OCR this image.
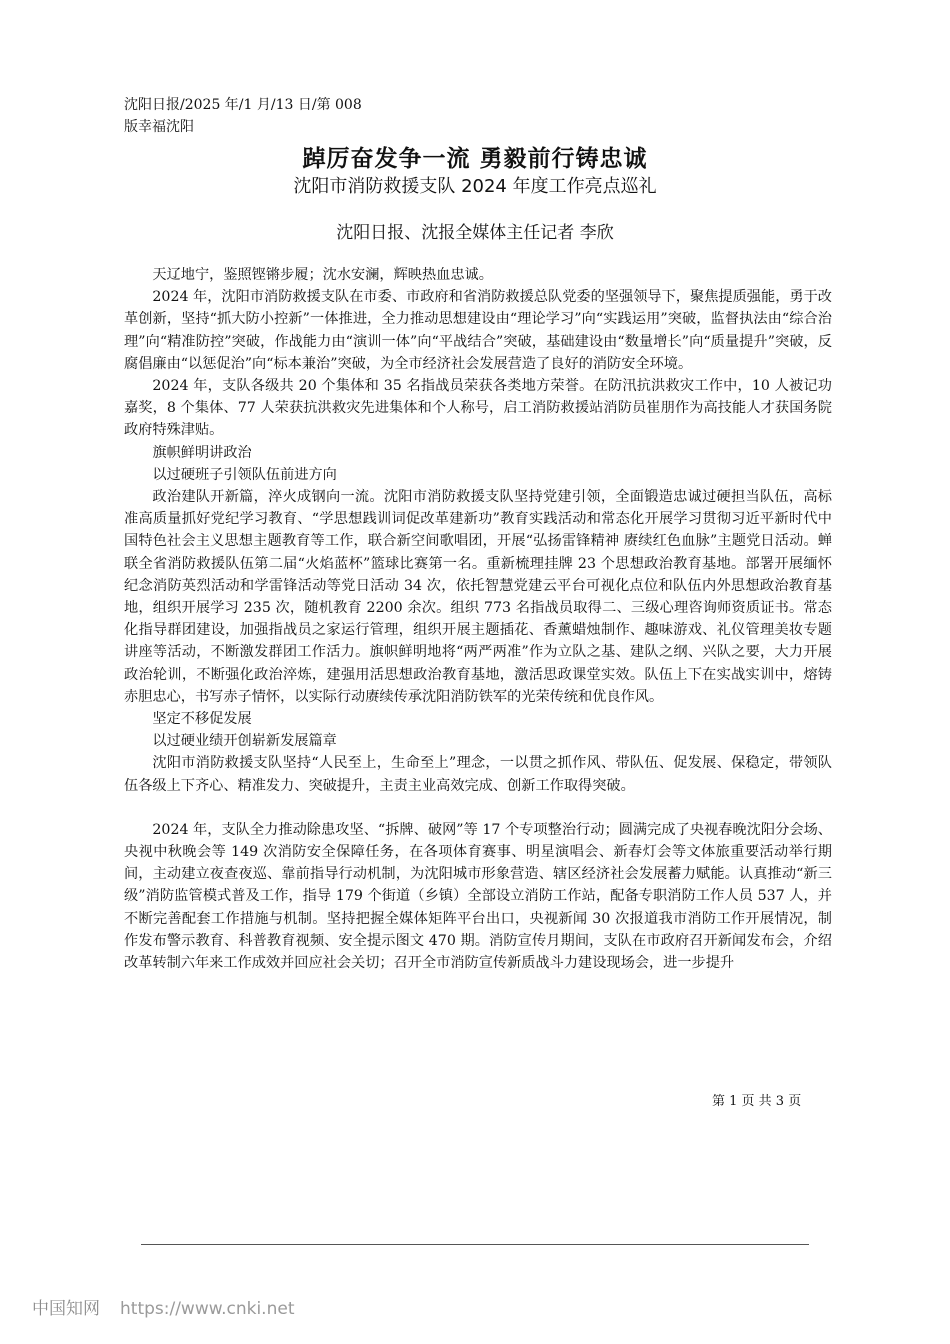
沈阳日报/2025 年/1 月/13 日/第 008
版幸福沈阳
踔厉奋发争一流 勇毅前行铸忠诚
沈阳市消防救援支队 2024 年度工作亮点巡礼
沈阳日报、沈报全媒体主任记者 李欣

天辽地宁，鉴照铿锵步履；沈水安澜，辉映热血忠诚。

2024 年，沈阳市消防救援支队在市委、市政府和省消防救援总队党委的坚强领导下，聚焦提质强能，勇于改革创新，坚持“抓大防小控新”一体推进，全力推动思想建设由“理论学习”向“实践运用”突破，监督执法由“综合治理”向“精准防控”突破，作战能力由“演训一体”向“平战结合”突破，基础建设由“数量增长”向“质量提升”突破，反腐倡廉由“以惩促治”向“标本兼治”突破，为全市经济社会发展营造了良好的消防安全环境。

2024 年，支队各级共 20 个集体和 35 名指战员荣获各类地方荣誉。在防汛抗洪救灾工作中，10 人被记功嘉奖，8 个集体、77 人荣获抗洪救灾先进集体和个人称号，启工消防救援站消防员崔朋作为高技能人才获国务院政府特殊津贴。

旗帜鲜明讲政治

以过硬班子引领队伍前进方向

政治建队开新篇，淬火成钢向一流。沈阳市消防救援支队坚持党建引领，全面锻造忠诚过硬担当队伍，高标准高质量抓好党纪学习教育、“学思想践训词促改革建新功”教育实践活动和常态化开展学习贯彻习近平新时代中国特色社会主义思想主题教育等工作，联合新空间歌唱团，开展“弘扬雷锋精神 赓续红色血脉”主题党日活动。蝉联全省消防救援队伍第二届“火焰蓝杯”篮球比赛第一名。重新梳理挂牌 23 个思想政治教育基地。部署开展缅怀纪念消防英烈活动和学雷锋活动等党日活动 34 次，依托智慧党建云平台可视化点位和队伍内外思想政治教育基地，组织开展学习 235 次，随机教育 2200 余次。组织 773 名指战员取得二、三级心理咨询师资质证书。常态化指导群团建设，加强指战员之家运行管理，组织开展主题插花、香薰蜡烛制作、趣味游戏、礼仪管理美妆专题讲座等活动，不断激发群团工作活力。旗帜鲜明地将“两严两准”作为立队之基、建队之纲、兴队之要，大力开展政治轮训，不断强化政治淬炼，建强用活思想政治教育基地，激活思政课堂实效。队伍上下在实战实训中，熔铸赤胆忠心，书写赤子情怀，以实际行动赓续传承沈阳消防铁军的光荣传统和优良作风。

坚定不移促发展

以过硬业绩开创崭新发展篇章

沈阳市消防救援支队坚持“人民至上，生命至上”理念，一以贯之抓作风、带队伍、促发展、保稳定，带领队伍各级上下齐心、精准发力、突破提升，主责主业高效完成、创新工作取得突破。

2024 年，支队全力推动除患攻坚、“拆牌、破网”等 17 个专项整治行动；圆满完成了央视春晚沈阳分会场、央视中秋晚会等 149 次消防安全保障任务，在各项体育赛事、明星演唱会、新春灯会等文体旅重要活动举行期间，主动建立夜查夜巡、靠前指导行动机制，为沈阳城市形象营造、辖区经济社会发展蓄力赋能。认真推动“新三级”消防监管模式普及工作，指导 179 个街道（乡镇）全部设立消防工作站，配备专职消防工作人员 537 人，并不断完善配套工作措施与机制。坚持把握全媒体矩阵平台出口，央视新闻 30 次报道我市消防工作开展情况，制作发布警示教育、科普教育视频、安全提示图文 470 期。消防宣传月期间，支队在市政府召开新闻发布会，介绍改革转制六年来工作成效并回应社会关切；召开全市消防宣传新质战斗力建设现场会，进一步提升

第 1 页 共 3 页
中国知网 https://www.cnki.net
